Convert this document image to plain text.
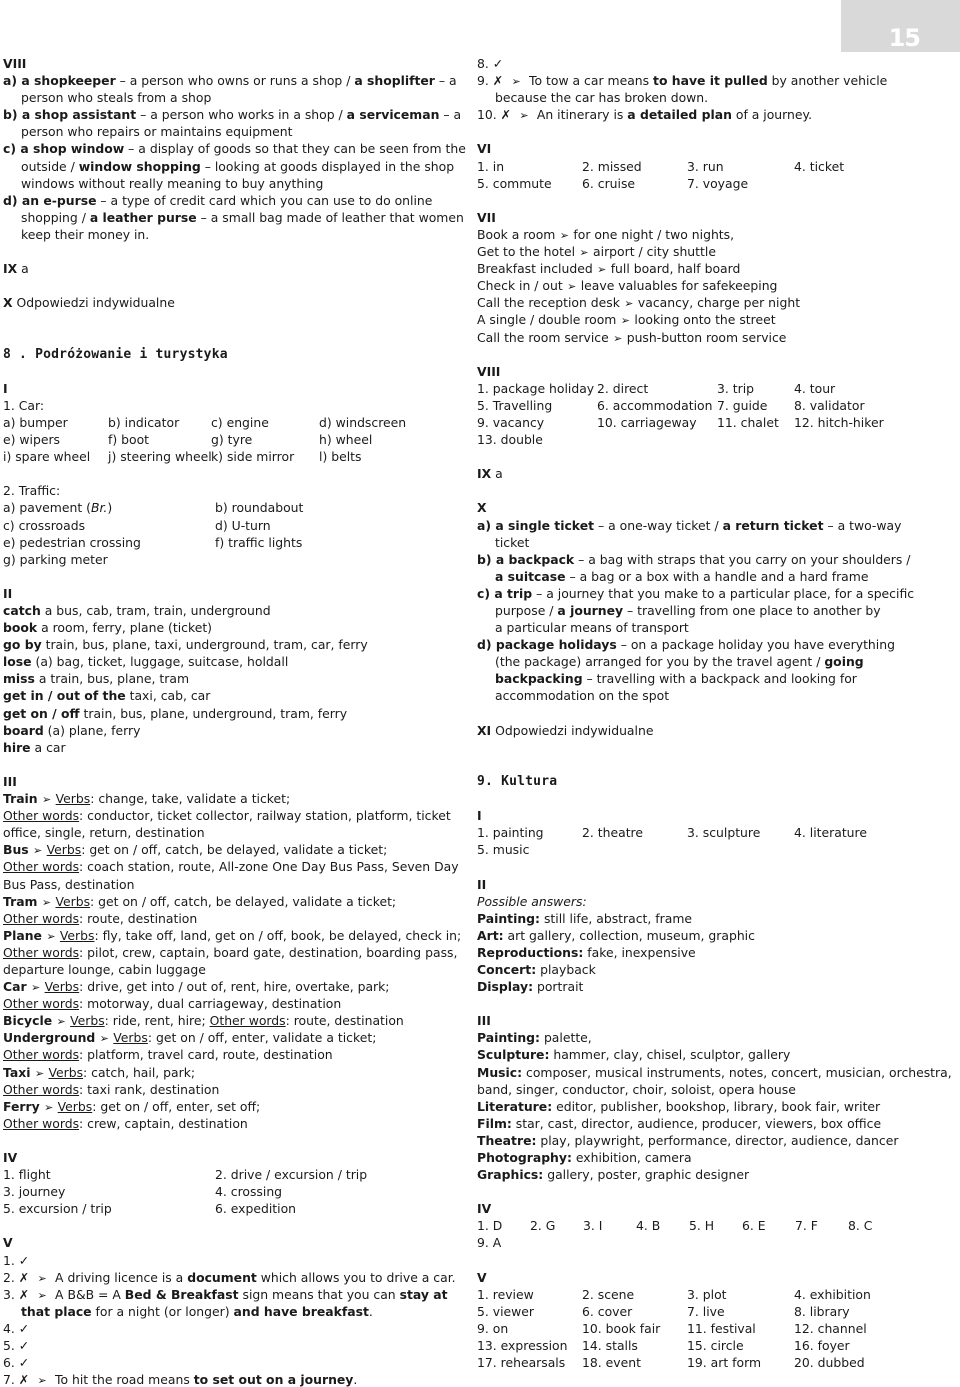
15
VIII
a) a shopkeeper – a person who owns or runs a shop / a shoplifter – a
person who steals from a shop
b) a shop assistant – a person who works in a shop / a serviceman – a
person who repairs or maintains equipment
c) a shop window – a display of goods so that they can be seen from the
outside / window shopping – looking at goods displayed in the shop
windows without really meaning to buy anything
d) an e-purse – a type of credit card which you can use to do online
shopping / a leather purse – a small bag made of leather that women
keep their money in.
IX a
X Odpowiedzi indywidualne
8 . Podróżowanie i turystyka
I
1. Car:
a) bumper	b) indicator	c) engine	d) windscreen
e) wipers	f) boot	g) tyre	h) wheel
i) spare wheel	j) steering wheel k) side mirror	l) belts
2. Traffic:
a) pavement (Br.)	b) roundabout
c) crossroads	d) U-turn
e) pedestrian crossing	f) traffic lights
g) parking meter
II
catch a bus, cab, tram, train, underground
book a room, ferry, plane (ticket)
go by train, bus, plane, taxi, underground, tram, car, ferry
lose (a) bag, ticket, luggage, suitcase, holdall
miss a train, bus, plane, tram
get in / out of the taxi, cab, car
get on / off train, bus, plane, underground, tram, ferry
board (a) plane, ferry
hire a car
III
Train ➢ Verbs: change, take, validate a ticket;
Other words: conductor, ticket collector, railway station, platform, ticket
office, single, return, destination
Bus ➢ Verbs: get on / off, catch, be delayed, validate a ticket;
Other words: coach station, route, All-zone One Day Bus Pass, Seven Day
Bus Pass, destination
Tram ➢ Verbs: get on / off, catch, be delayed, validate a ticket;
Other words: route, destination
Plane ➢ Verbs: fly, take off, land, get on / off, book, be delayed, check in;
Other words: pilot, crew, captain, board gate, destination, boarding pass,
departure lounge, cabin luggage
Car ➢ Verbs: drive, get into / out of, rent, hire, overtake, park;
Other words: motorway, dual carriageway, destination
Bicycle ➢ Verbs: ride, rent, hire; Other words: route, destination
Underground ➢ Verbs: get on / off, enter, validate a ticket;
Other words: platform, travel card, route, destination
Taxi ➢ Verbs: catch, hail, park;
Other words: taxi rank, destination
Ferry ➢ Verbs: get on / off, enter, set off;
Other words: crew, captain, destination
IV
1. flight	2. drive / excursion / trip
3. journey	4. crossing
5. excursion / trip	6. expedition
V
1. ✓
2. ✗ ➢ A driving licence is a document which allows you to drive a car.
3. ✗ ➢ A B&B = A Bed & Breakfast sign means that you can stay at
that place for a night (or longer) and have breakfast.
4. ✓
5. ✓
6. ✓
7. ✗ ➢ To hit the road means to set out on a journey.
8. ✓
9. ✗ ➢ To tow a car means to have it pulled by another vehicle
because the car has broken down.
10. ✗ ➢ An itinerary is a detailed plan of a journey.
VI
1. in	2. missed	3. run	4. ticket
5. commute	6. cruise	7. voyage
VII
Book a room ➢ for one night / two nights,
Get to the hotel ➢ airport / city shuttle
Breakfast included ➢ full board, half board
Check in / out ➢ leave valuables for safekeeping
Call the reception desk ➢ vacancy, charge per night
A single / double room ➢ looking onto the street
Call the room service ➢ push-button room service
VIII
1. package holiday 2. direct	3. trip	4. tour
5. Travelling	6. accommodation 7. guide	8. validator
9. vacancy	10. carriageway	11. chalet	12. hitch-hiker
13. double
IX a
X
a) a single ticket – a one-way ticket / a return ticket – a two-way
ticket
b) a backpack – a bag with straps that you carry on your shoulders /
a suitcase – a bag or a box with a handle and a hard frame
c) a trip – a journey that you make to a particular place, for a specific
purpose / a journey – travelling from one place to another by
a particular means of transport
d) package holidays – on a package holiday you have everything
(the package) arranged for you by the travel agent / going
backpacking – travelling with a backpack and looking for
accommodation on the spot
XI Odpowiedzi indywidualne
9. Kultura
I
1. painting	2. theatre	3. sculpture	4. literature
5. music
II
Possible answers:
Painting: still life, abstract, frame
Art: art gallery, collection, museum, graphic
Reproductions: fake, inexpensive
Concert: playback
Display: portrait
III
Painting: palette,
Sculpture: hammer, clay, chisel, sculptor, gallery
Music: composer, musical instruments, notes, concert, musician, orchestra,
band, singer, conductor, choir, soloist, opera house
Literature: editor, publisher, bookshop, library, book fair, writer
Film: star, cast, director, audience, producer, viewers, box office
Theatre: play, playwright, performance, director, audience, dancer
Photography: exhibition, camera
Graphics: gallery, poster, graphic designer
IV
1. D	2. G	3. I	4. B	5. H	6. E	7. F	8. C
9. A
V
1. review	2. scene	3. plot	4. exhibition
5. viewer	6. cover	7. live	8. library
9. on	10. book fair	11. festival	12. channel
13. expression	14. stalls	15. circle	16. foyer
17. rehearsals	18. event	19. art form	20. dubbed
